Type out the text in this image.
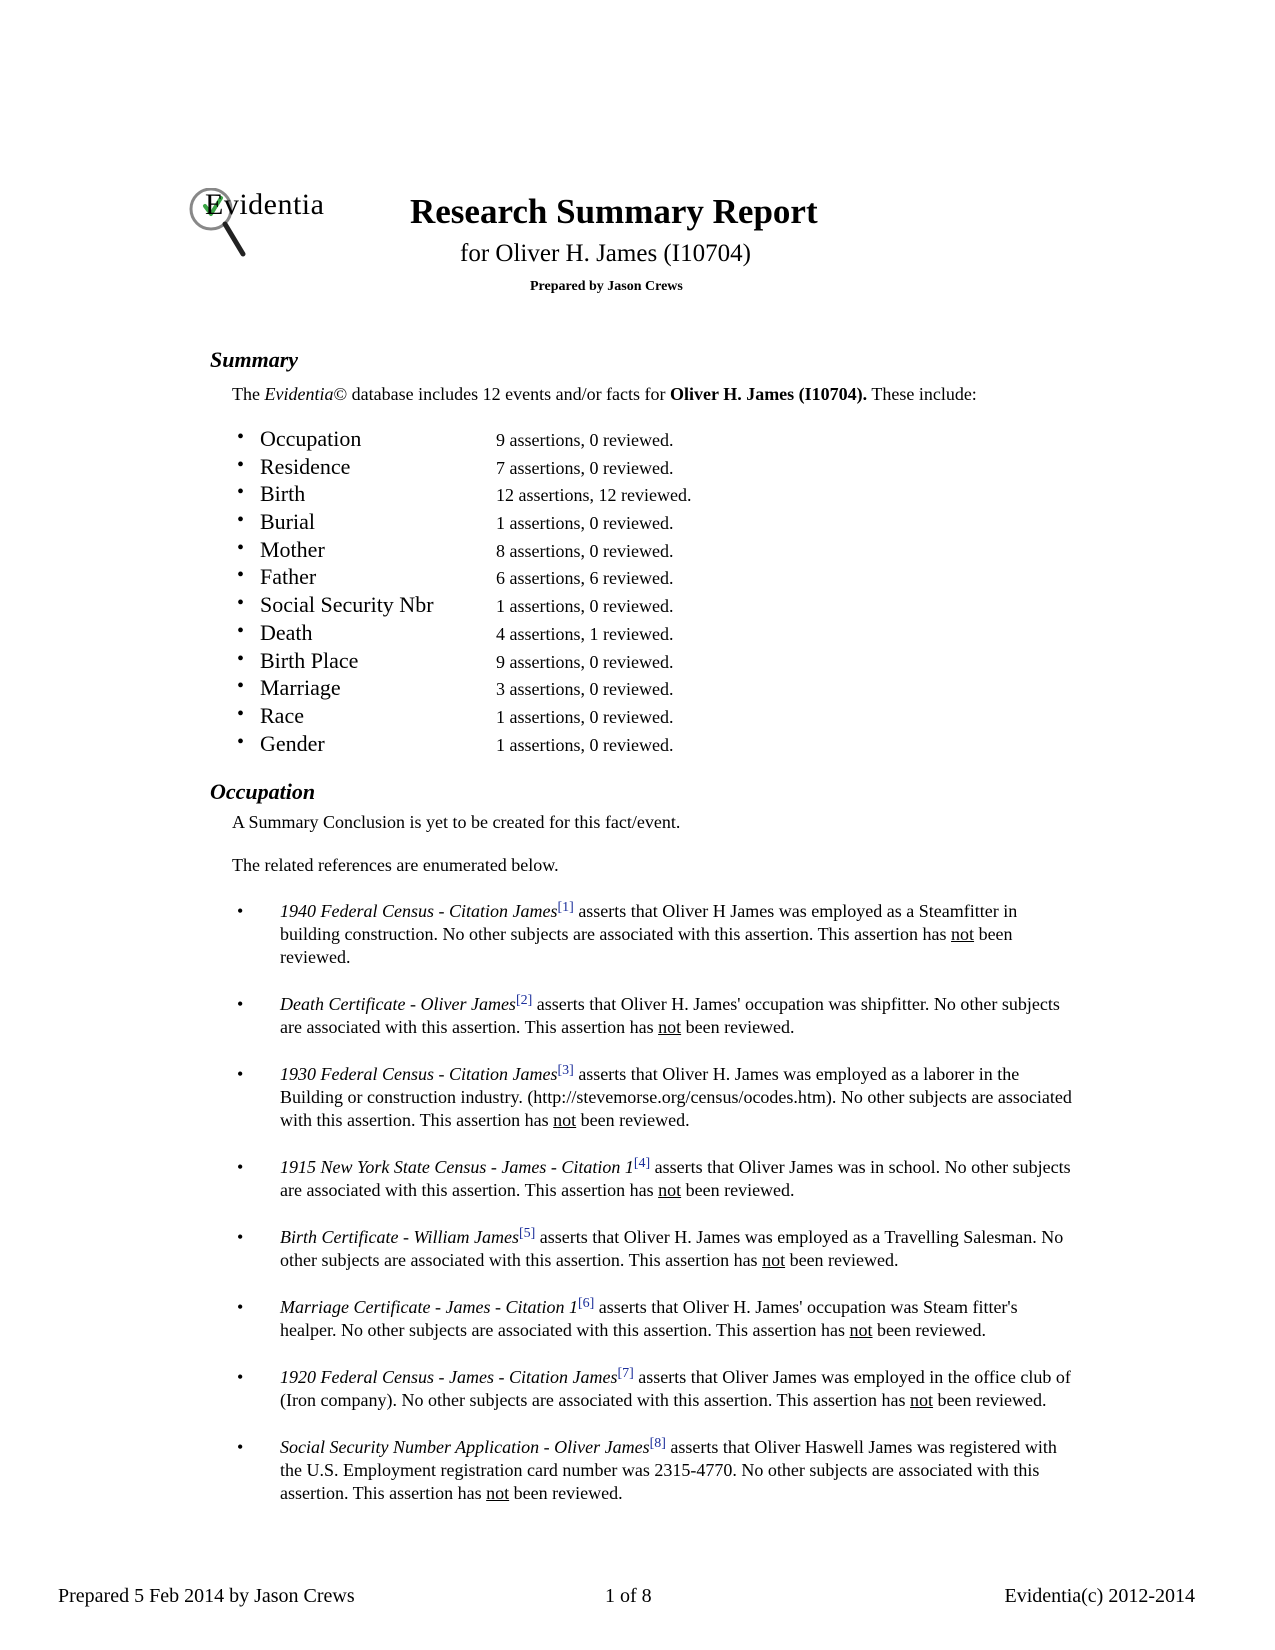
Evidentia Research Summary Report
for Oliver H. James (I10704)
Prepared by Jason Crews
Summary
The Evidentia© database includes 12 events and/or facts for Oliver H. James (I10704). These include:
• Occupation	9 assertions, 0 reviewed.
• Residence	7 assertions, 0 reviewed.
• Birth	12 assertions, 12 reviewed.
• Burial	1 assertions, 0 reviewed.
• Mother	8 assertions, 0 reviewed.
• Father	6 assertions, 6 reviewed.
• Social Security Nbr	1 assertions, 0 reviewed.
• Death	4 assertions, 1 reviewed.
• Birth Place	9 assertions, 0 reviewed.
• Marriage	3 assertions, 0 reviewed.
• Race	1 assertions, 0 reviewed.
• Gender	1 assertions, 0 reviewed.
Occupation
A Summary Conclusion is yet to be created for this fact/event.
The related references are enumerated below.
• 1940 Federal Census - Citation James[1] asserts that Oliver H James was employed as a Steamfitter in building construction. No other subjects are associated with this assertion. This assertion has not been reviewed.
• Death Certificate - Oliver James[2] asserts that Oliver H. James' occupation was shipfitter. No other subjects are associated with this assertion. This assertion has not been reviewed.
• 1930 Federal Census - Citation James[3] asserts that Oliver H. James was employed as a laborer in the Building or construction industry. (http://stevemorse.org/census/ocodes.htm). No other subjects are associated with this assertion. This assertion has not been reviewed.
• 1915 New York State Census - James - Citation 1[4] asserts that Oliver James was in school. No other subjects are associated with this assertion. This assertion has not been reviewed.
• Birth Certificate - William James[5] asserts that Oliver H. James was employed as a Travelling Salesman. No other subjects are associated with this assertion. This assertion has not been reviewed.
• Marriage Certificate - James - Citation 1[6] asserts that Oliver H. James' occupation was Steam fitter's healper. No other subjects are associated with this assertion. This assertion has not been reviewed.
• 1920 Federal Census - James - Citation James[7] asserts that Oliver James was employed in the office club of (Iron company). No other subjects are associated with this assertion. This assertion has not been reviewed.
• Social Security Number Application - Oliver James[8] asserts that Oliver Haswell James was registered with the U.S. Employment registration card number was 2315-4770. No other subjects are associated with this assertion. This assertion has not been reviewed.
Prepared 5 Feb 2014 by Jason Crews	1 of 8	Evidentia(c) 2012-2014
